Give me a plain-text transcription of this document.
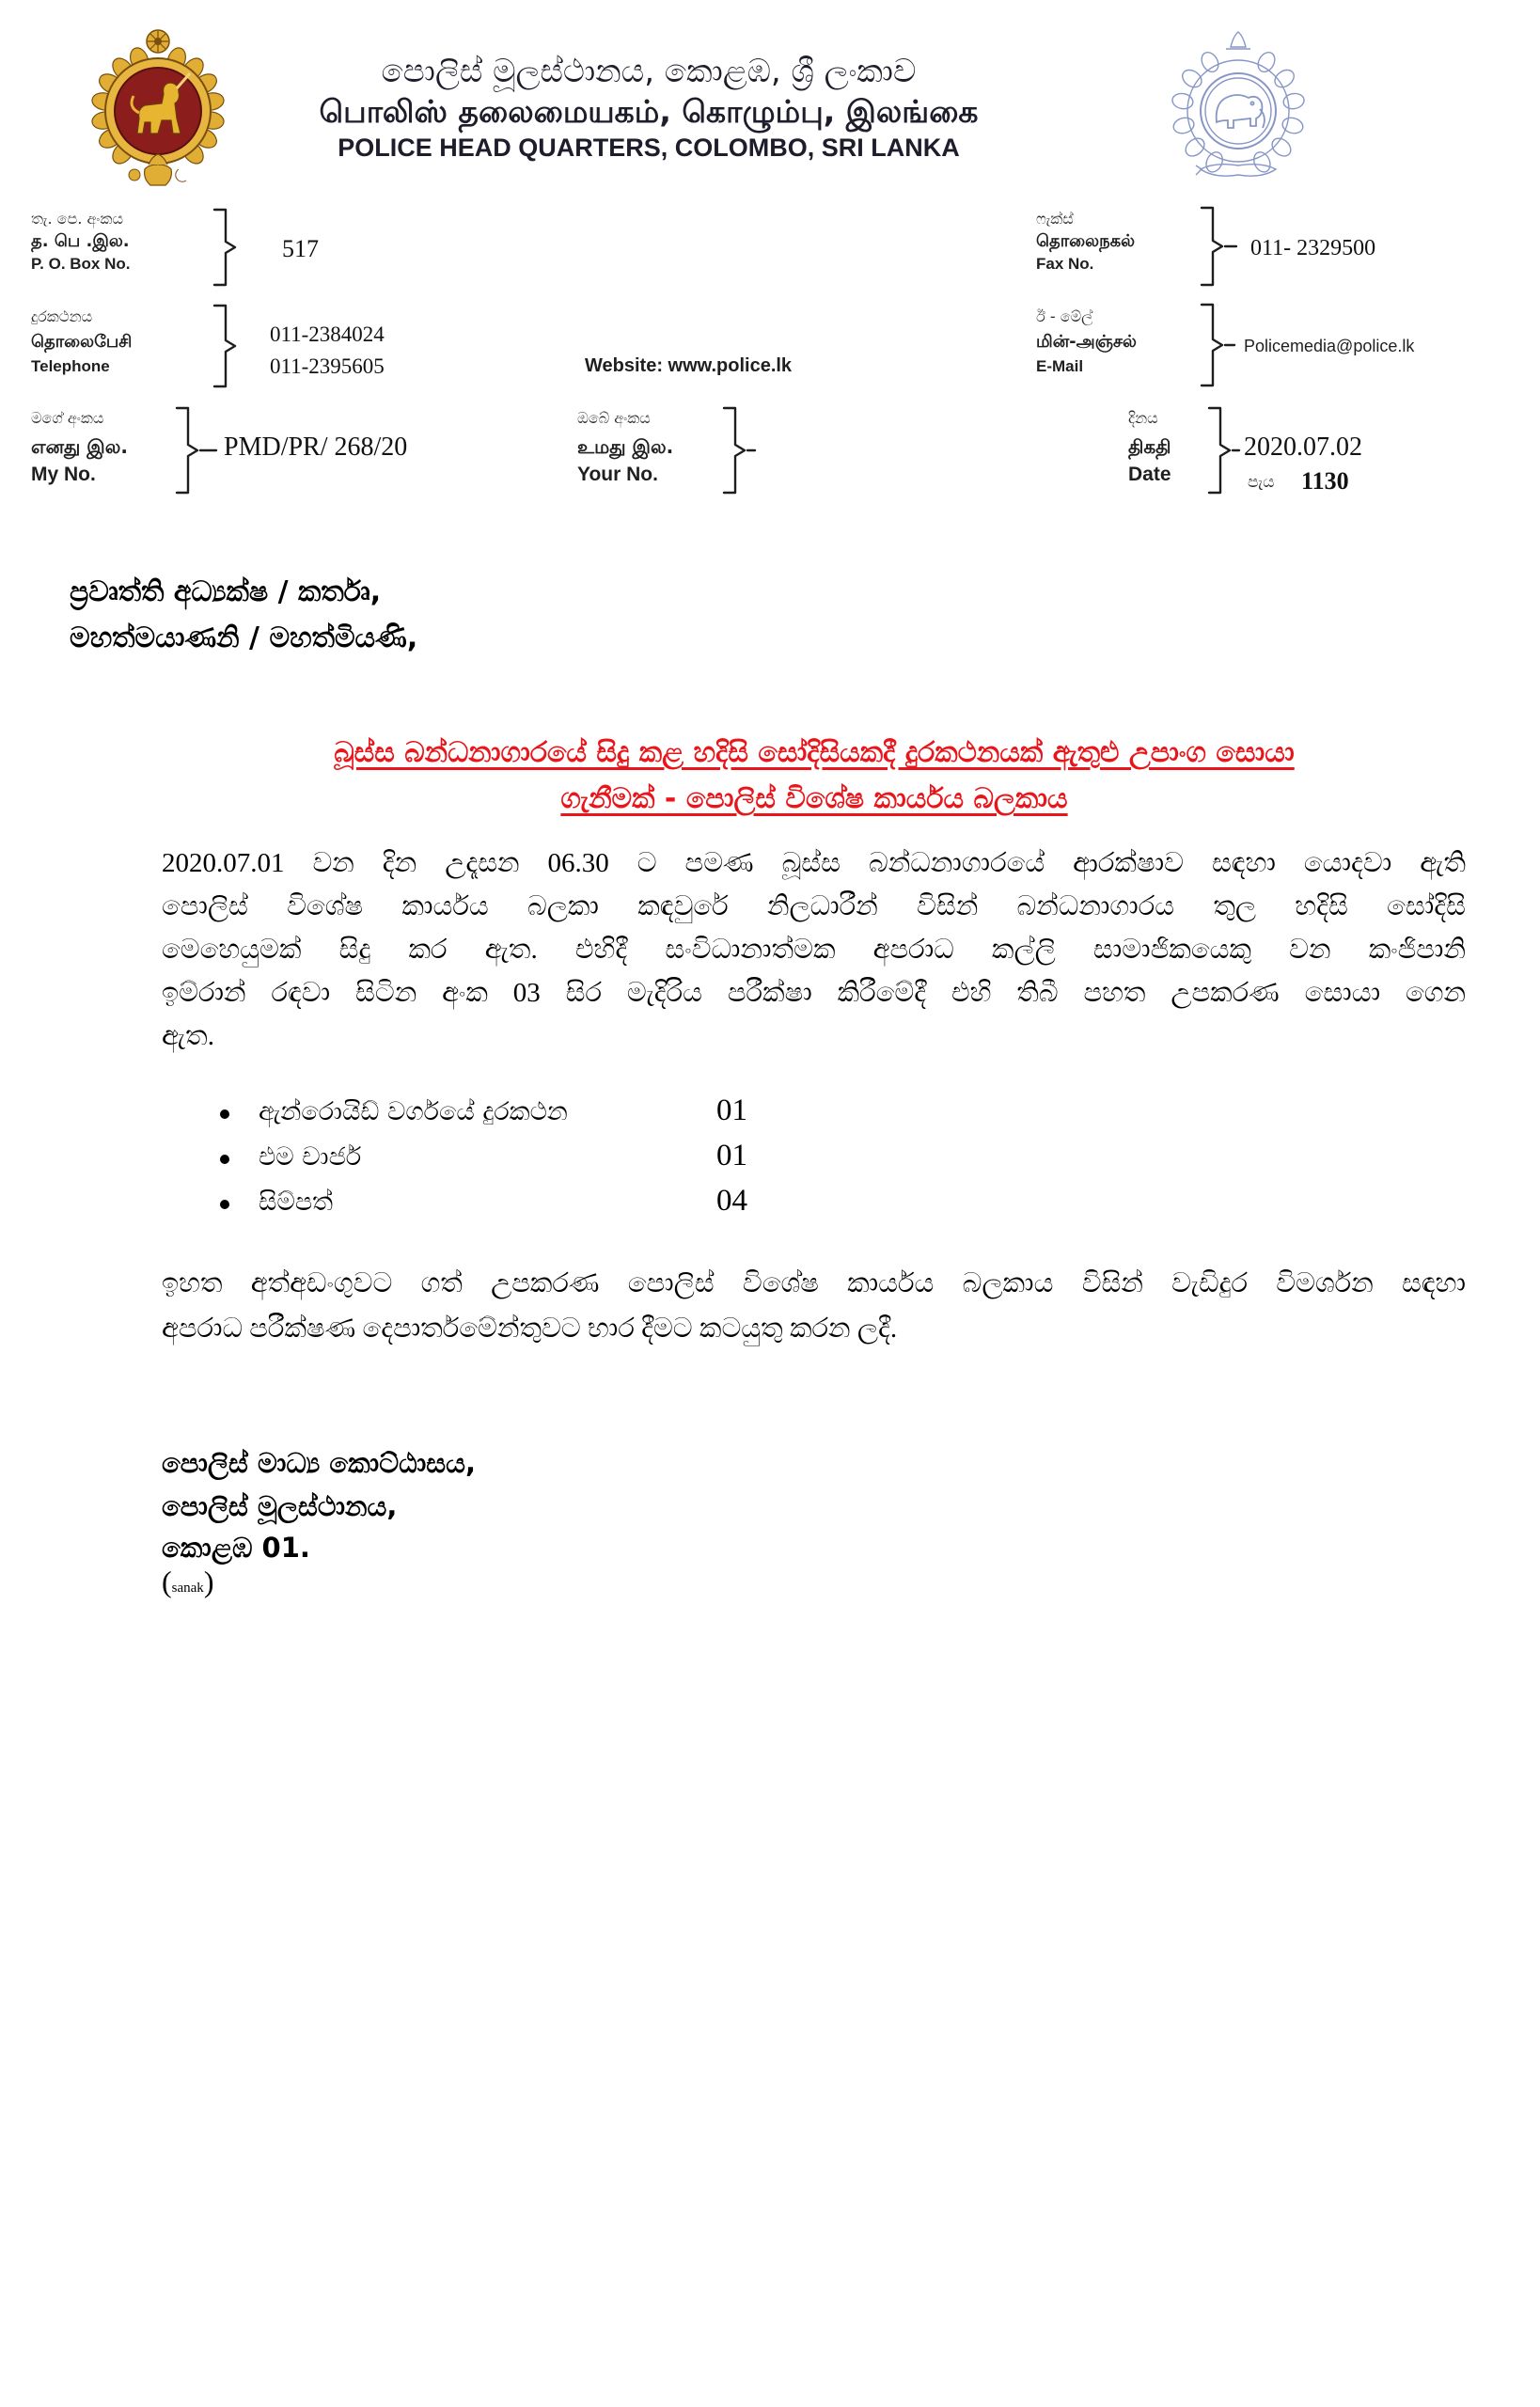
පොලිස් මූලස්ථානය, කොළඹ, ශ්‍රී ලංකාව
பொலிஸ் தலைமையகம், கொழும்பு, இலங்கை
POLICE HEAD QUARTERS, COLOMBO, SRI LANKA
තැ. පෙ. අංකය
த. பெ .இல.
P. O. Box No.
517
ෆැක්ස්
தொலைநகல்
Fax No.
011- 2329500
දුරකථනය
தொலைபேசி
Telephone
011-2384024
011-2395605	Website: www.police.lk
ඊ - මේල්
மின்-அஞ்சல்
E-Mail
Policemedia@police.lk
මගේ අංකය
எனது இல.
My No.
PMD/PR/ 268/20
ඔබේ අංකය
உமது இல.
Your No.
දිනය
திகதி
Date
2020.07.02
පැය 1130
ප්‍රවෘත්ති අධ්‍යක්ෂ / කර්තෘ,
මහත්මයාණනි / මහත්මියණි,
බූස්ස බන්ධනාගාරයේ සිදු කළ හදිසි සෝදිසියකදී දුරකථනයක් ඇතුළු උපාංග සොයා
ගැනීමක් - පොලිස් විශේෂ කාර්යය බලකාය
2020.07.01 වන දින උදෑසන 06.30 ට පමණ බූස්ස බන්ධනාගාරයේ ආරක්ෂාව සඳහා යොදවා ඇති
පොලිස් විශේෂ කාර්යය බලකා කඳවුරේ නිලධාරීන් විසින් බන්ධනාගාරය තුල හදිසි සෝදිසි
මෙහෙයුමක් සිදු කර ඇත. එහිදී සංවිධානාත්මක අපරාධ කල්ලි සාමාජිකයෙකු වන කංජිපානි
ඉම්රාන් රඳවා සිටින අංක 03 සිර මැදිරිය පරීක්ෂා කිරීමේදී එහි තිබී පහත උපකරණ සොයා ගෙන
ඇත.
ඇන්රොයිඩ් වර්ගයේ දුරකථන	01
එම චාජර්	01
සිම්පත්	04
ඉහත අත්අඩංගුවට ගත් උපකරණ පොලිස් විශේෂ කාර්යය බලකාය විසින් වැඩිදුර විමර්ශන සඳහා
අපරාධ පරීක්ෂණ දෙපාර්තමේන්තුවට භාර දීමට කටයුතු කරන ලදී.
පොලිස් මාධ්‍ය කොට්ඨාසය,
පොලිස් මූලස්ථානය,
කොළඹ 01.
(sanak)
